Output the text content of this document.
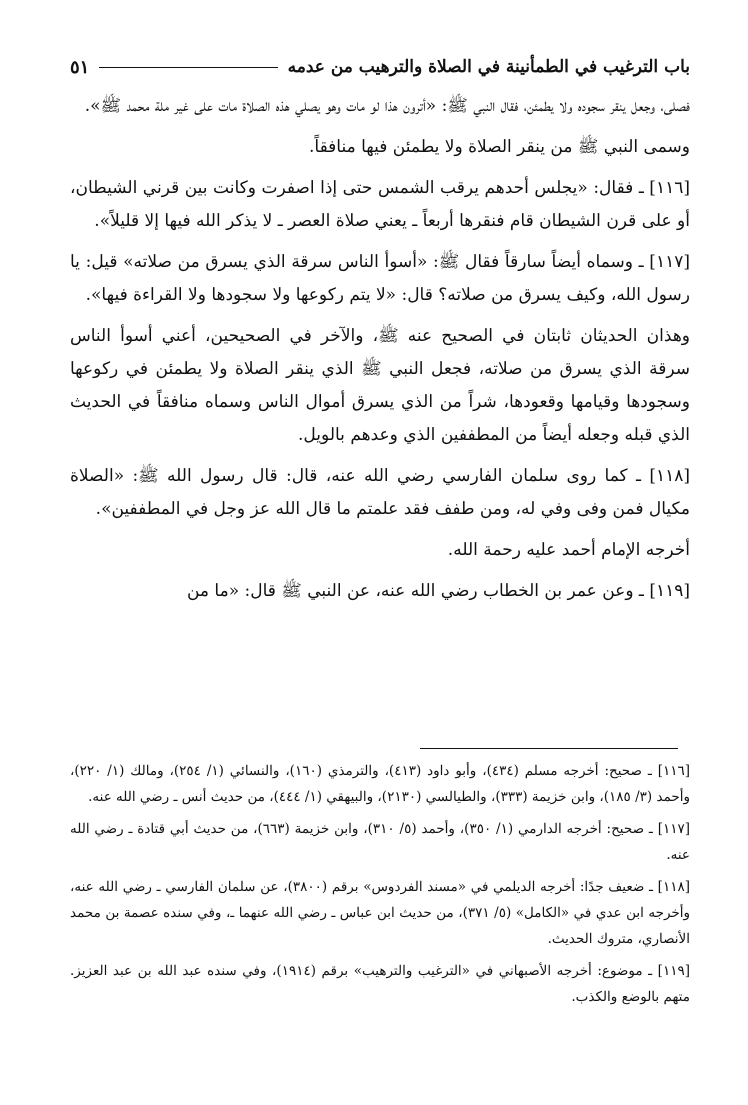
باب الترغيب في الطمأنينة في الصلاة والترهيب من عدمه
٥١

فصلى، وجعل ينقر سجوده ولا يطمئن، فقال النبي ﷺ: «أترون هذا لو مات وهو يصلي هذه الصلاة مات على غير ملة محمد ﷺ».

وسمى النبي ﷺ من ينقر الصلاة ولا يطمئن فيها منافقاً.

[١١٦] ـ فقال: «يجلس أحدهم يرقب الشمس حتى إذا اصفرت وكانت بين قرني الشيطان، أو على قرن الشيطان قام فنقرها أربعاً ـ يعني صلاة العصر ـ لا يذكر الله فيها إلا قليلاً».

[١١٧] ـ وسماه أيضاً سارقاً فقال ﷺ: «أسوأ الناس سرقة الذي يسرق من صلاته» قيل: يا رسول الله، وكيف يسرق من صلاته؟ قال: «لا يتم ركوعها ولا سجودها ولا القراءة فيها».

وهذان الحديثان ثابتان في الصحيح عنه ﷺ، والآخر في الصحيحين، أعني أسوأ الناس سرقة الذي يسرق من صلاته، فجعل النبي ﷺ الذي ينقر الصلاة ولا يطمئن في ركوعها وسجودها وقيامها وقعودها، شراً من الذي يسرق أموال الناس وسماه منافقاً في الحديث الذي قبله وجعله أيضاً من المطففين الذي وعدهم بالويل.

[١١٨] ـ كما روى سلمان الفارسي رضي الله عنه، قال: قال رسول الله ﷺ: «الصلاة مكيال فمن وفى وفي له، ومن طفف فقد علمتم ما قال الله عز وجل في المطففين».

أخرجه الإمام أحمد عليه رحمة الله.

[١١٩] ـ وعن عمر بن الخطاب رضي الله عنه، عن النبي ﷺ قال: «ما من

[١١٦] ـ صحيح: أخرجه مسلم (٤٣٤)، وأبو داود (٤١٣)، والترمذي (١٦٠)، والنسائي (١/ ٢٥٤)، ومالك (١/ ٢٢٠)، وأحمد (٣/ ١٨٥)، وابن خزيمة (٣٣٣)، والطيالسي (٢١٣٠)، والبيهقي (١/ ٤٤٤)، من حديث أنس ـ رضي الله عنه.

[١١٧] ـ صحيح: أخرجه الدارمي (١/ ٣٥٠)، وأحمد (٥/ ٣١٠)، وابن خزيمة (٦٦٣)، من حديث أبي قتادة ـ رضي الله عنه.

[١١٨] ـ ضعيف جدًا: أخرجه الديلمي في «مسند الفردوس» برقم (٣٨٠٠)، عن سلمان الفارسي ـ رضي الله عنه، وأخرجه ابن عدي في «الكامل» (٥/ ٣٧١)، من حديث ابن عباس ـ رضي الله عنهما ـ، وفي سنده عصمة بن محمد الأنصاري، متروك الحديث.

[١١٩] ـ موضوع: أخرجه الأصبهاني في «الترغيب والترهيب» برقم (١٩١٤)، وفي سنده عبد الله بن عبد العزيز. متهم بالوضع والكذب.
